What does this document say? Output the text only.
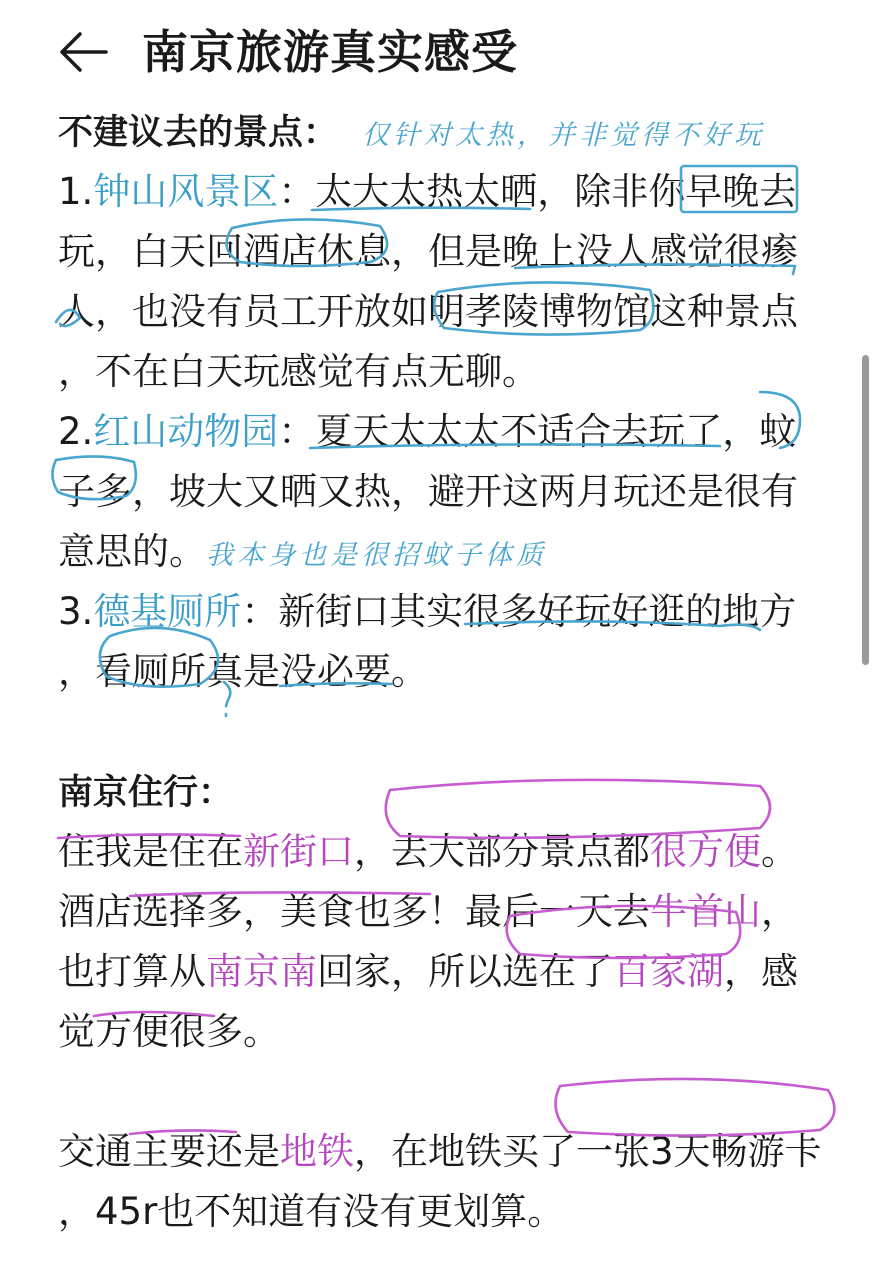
南京旅游真实感受
不建议去的景点： 仅针对太热，并非觉得不好玩
1.钟山风景区：太大太热太晒，除非你早晚去
玩，白天回酒店休息，但是晚上没人感觉很瘆
人，也没有员工开放如明孝陵博物馆这种景点
，不在白天玩感觉有点无聊。
2.红山动物园：夏天太太太不适合去玩了，蚊
子多，坡大又晒又热，避开这两月玩还是很有
意思的。我本身也是很招蚊子体质
3.德基厕所：新街口其实很多好玩好逛的地方
，看厕所真是没必要。
南京住行：
住我是住在新街口，去大部分景点都很方便。
酒店选择多，美食也多！最后一天去牛首山，
也打算从南京南回家，所以选在了百家湖，感
觉方便很多。
交通主要还是地铁，在地铁买了一张3天畅游卡
，45r也不知道有没有更划算。
